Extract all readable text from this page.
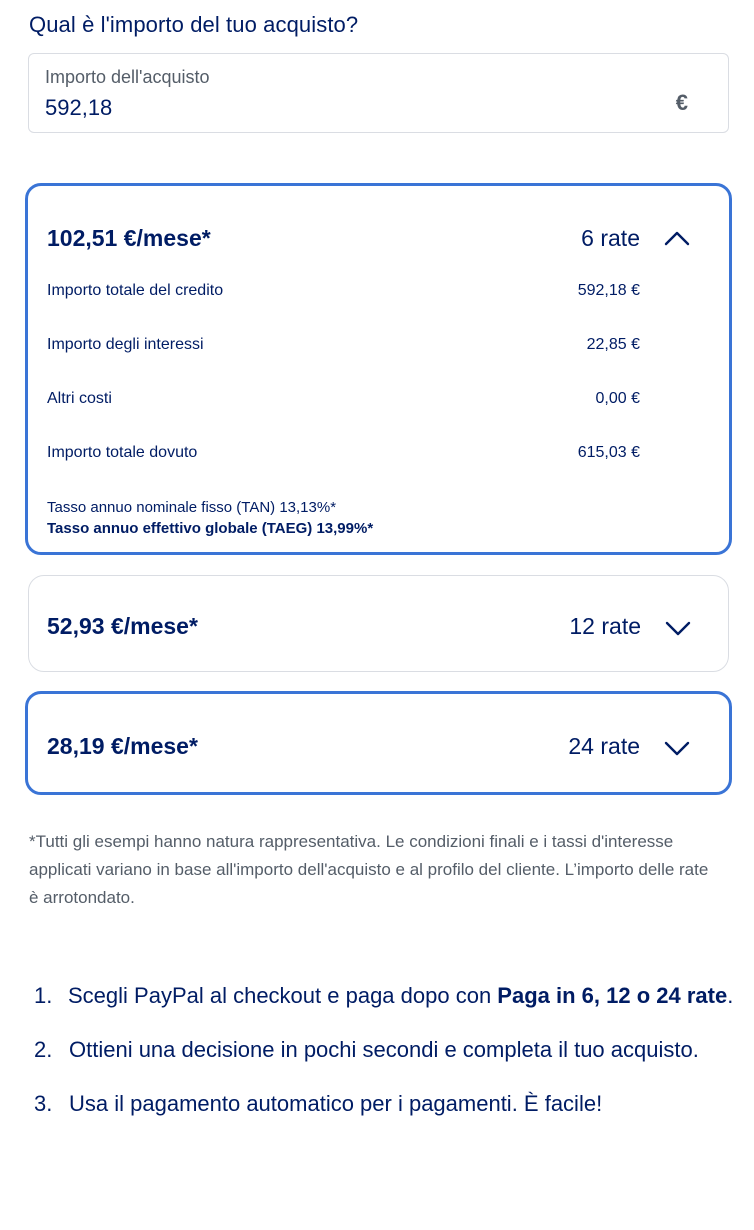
Qual è l'importo del tuo acquisto?
Importo dell'acquisto
592,18
€
102,51 €/mese*	6 rate
Importo totale del credito	592,18 €
Importo degli interessi	22,85 €
Altri costi	0,00 €
Importo totale dovuto	615,03 €
Tasso annuo nominale fisso (TAN) 13,13%*
Tasso annuo effettivo globale (TAEG) 13,99%*
52,93 €/mese*	12 rate
28,19 €/mese*	24 rate
*Tutti gli esempi hanno natura rappresentativa. Le condizioni finali e i tassi d'interesse applicati variano in base all'importo dell'acquisto e al profilo del cliente. L’importo delle rate è arrotondato.
1. Scegli PayPal al checkout e paga dopo con Paga in 6, 12 o 24 rate.
2. Ottieni una decisione in pochi secondi e completa il tuo acquisto.
3. Usa il pagamento automatico per i pagamenti. È facile!
